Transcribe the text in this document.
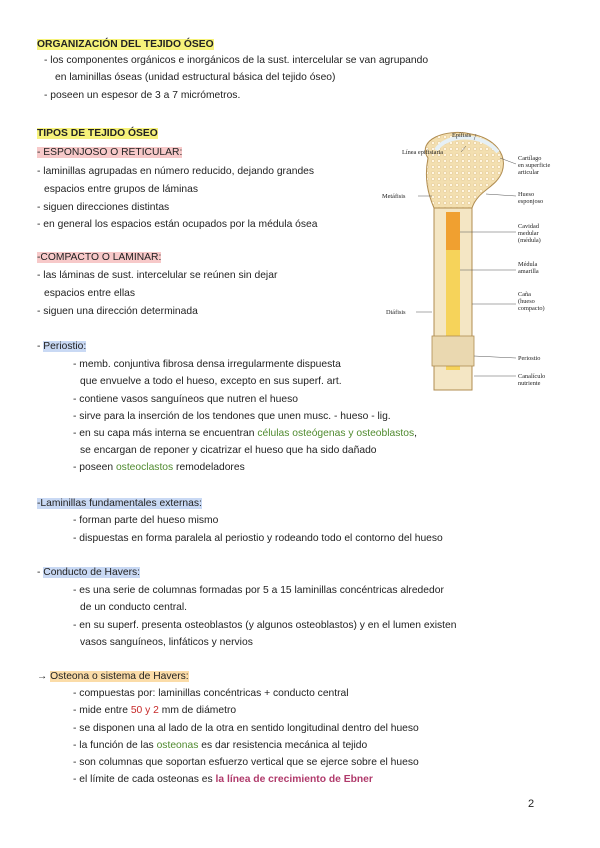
ORGANIZACIÓN DEL TEJIDO ÓSEO
- los componentes orgánicos e inorgánicos de la sust. intercelular se van agrupando
en laminillas óseas (unidad estructural básica del tejido óseo)
- poseen un espesor de 3 a 7 micrómetros.
TIPOS DE TEJIDO ÓSEO
- ESPONJOSO O RETICULAR:
- laminillas agrupadas en número reducido, dejando grandes
espacios entre grupos de láminas
- siguen direcciones distintas
- en general los espacios están ocupados por la médula ósea
-COMPACTO O LAMINAR:
- las láminas de sust. intercelular se reúnen sin dejar
espacios entre ellas
- siguen una dirección determinada
- Periostio:
- memb. conjuntiva fibrosa densa irregularmente dispuesta
que envuelve a todo el hueso, excepto en sus superf. art.
- contiene vasos sanguíneos que nutren el hueso
- sirve para la inserción de los tendones que unen musc. - hueso - lig.
- en su capa más interna se encuentran células osteógenas y osteoblastos,
se encargan de reponer y cicatrizar el hueso que ha sido dañado
- poseen osteoclastos remodeladores
-Laminillas fundamentales externas:
- forman parte del hueso mismo
- dispuestas en forma paralela al periostio y rodeando todo el contorno del hueso
- Conducto de Havers:
- es una serie de columnas formadas por 5 a 15 laminillas concéntricas alrededor
de un conducto central.
- en su superf. presenta osteoblastos (y algunos osteoblastos) y en el lumen existen
vasos sanguíneos, linfáticos y nervios
→ Osteona o sistema de Havers:
- compuestas por: laminillas concéntricas + conducto central
- mide entre 50 y 2 mm de diámetro
- se disponen una al lado de la otra en sentido longitudinal dentro del hueso
- la función de las osteonas es dar resistencia mecánica al tejido
- son columnas que soportan esfuerzo vertical que se ejerce sobre el hueso
- el límite de cada osteonas es la línea de crecimiento de Ebner
2
Epífisis
Línea epifisiaria
Cartílago
en superficie
articular
Metáfisis	Hueso
esponjoso
Cavidad
medular
(médula)
Médula
amarilla
Caña
(hueso
compacto)
Diáfisis
Periostio
Canalículo
nutriente
